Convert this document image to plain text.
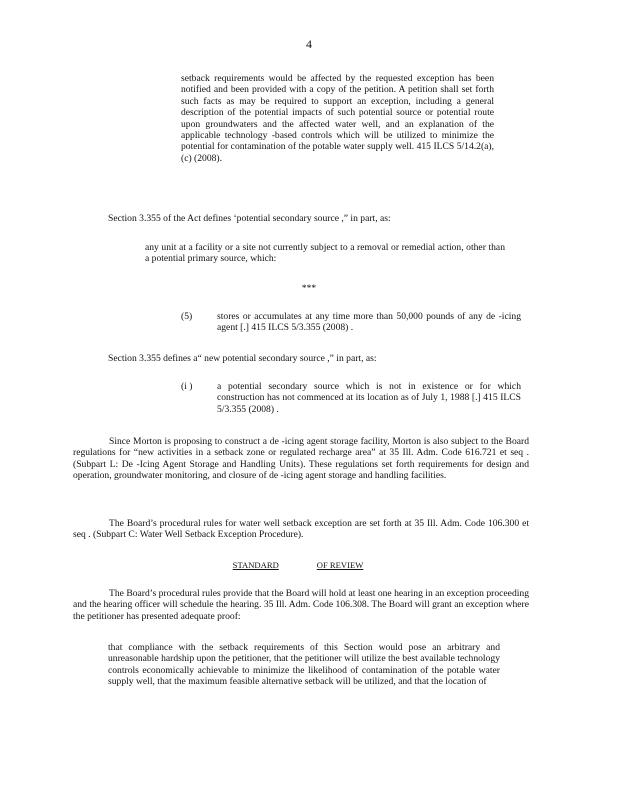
4

setback requirements would be affected by the requested exception has been notified and been provided with a copy of the petition. A petition shall set forth such facts as may be required to support an exception, including a general description of the potential impacts of such potential source or potential route upon groundwaters and the affected water well, and an explanation of the applicable technology -based controls which will be utilized to minimize the potential for contamination of the potable water supply well. 415 ILCS 5/14.2(a), (c) (2008).

Section 3.355 of the Act defines ‘potential secondary source ,” in part, as:

any unit at a facility or a site not currently subject to a removal or remedial action, other than a potential primary source, which:

***
(5)	stores or accumulates at any time more than 50,000 pounds of any de -icing agent [.] 415 ILCS 5/3.355 (2008) .

Section 3.355 defines a“ new potential secondary source ,” in part, as:

(i )	a potential secondary source which is not in existence or for which construction has not commenced at its location as of July 1, 1988 [.] 415 ILCS 5/3.355 (2008) .

Since Morton is proposing to construct a de -icing agent storage facility, Morton is also subject to the Board regulations for “new activities in a setback zone or regulated recharge area” at 35 Ill. Adm. Code 616.721 et seq . (Subpart L: De -Icing Agent Storage and Handling Units). These regulations set forth requirements for design and operation, groundwater monitoring, and closure of de -icing agent storage and handling facilities.

The Board’s procedural rules for water well setback exception are set forth at 35 Ill. Adm. Code 106.300 et seq . (Subpart C: Water Well Setback Exception Procedure).

STANDARD	OF REVIEW

The Board’s procedural rules provide that the Board will hold at least one hearing in an exception proceeding and the hearing officer will schedule the hearing. 35 Ill. Adm. Code 106.308. The Board will grant an exception where the petitioner has presented adequate proof:

that compliance with the setback requirements of this Section would pose an arbitrary and unreasonable hardship upon the petitioner, that the petitioner will utilize the best available technology controls economically achievable to minimize the likelihood of contamination of the potable water supply well, that the maximum feasible alternative setback will be utilized, and that the location of
